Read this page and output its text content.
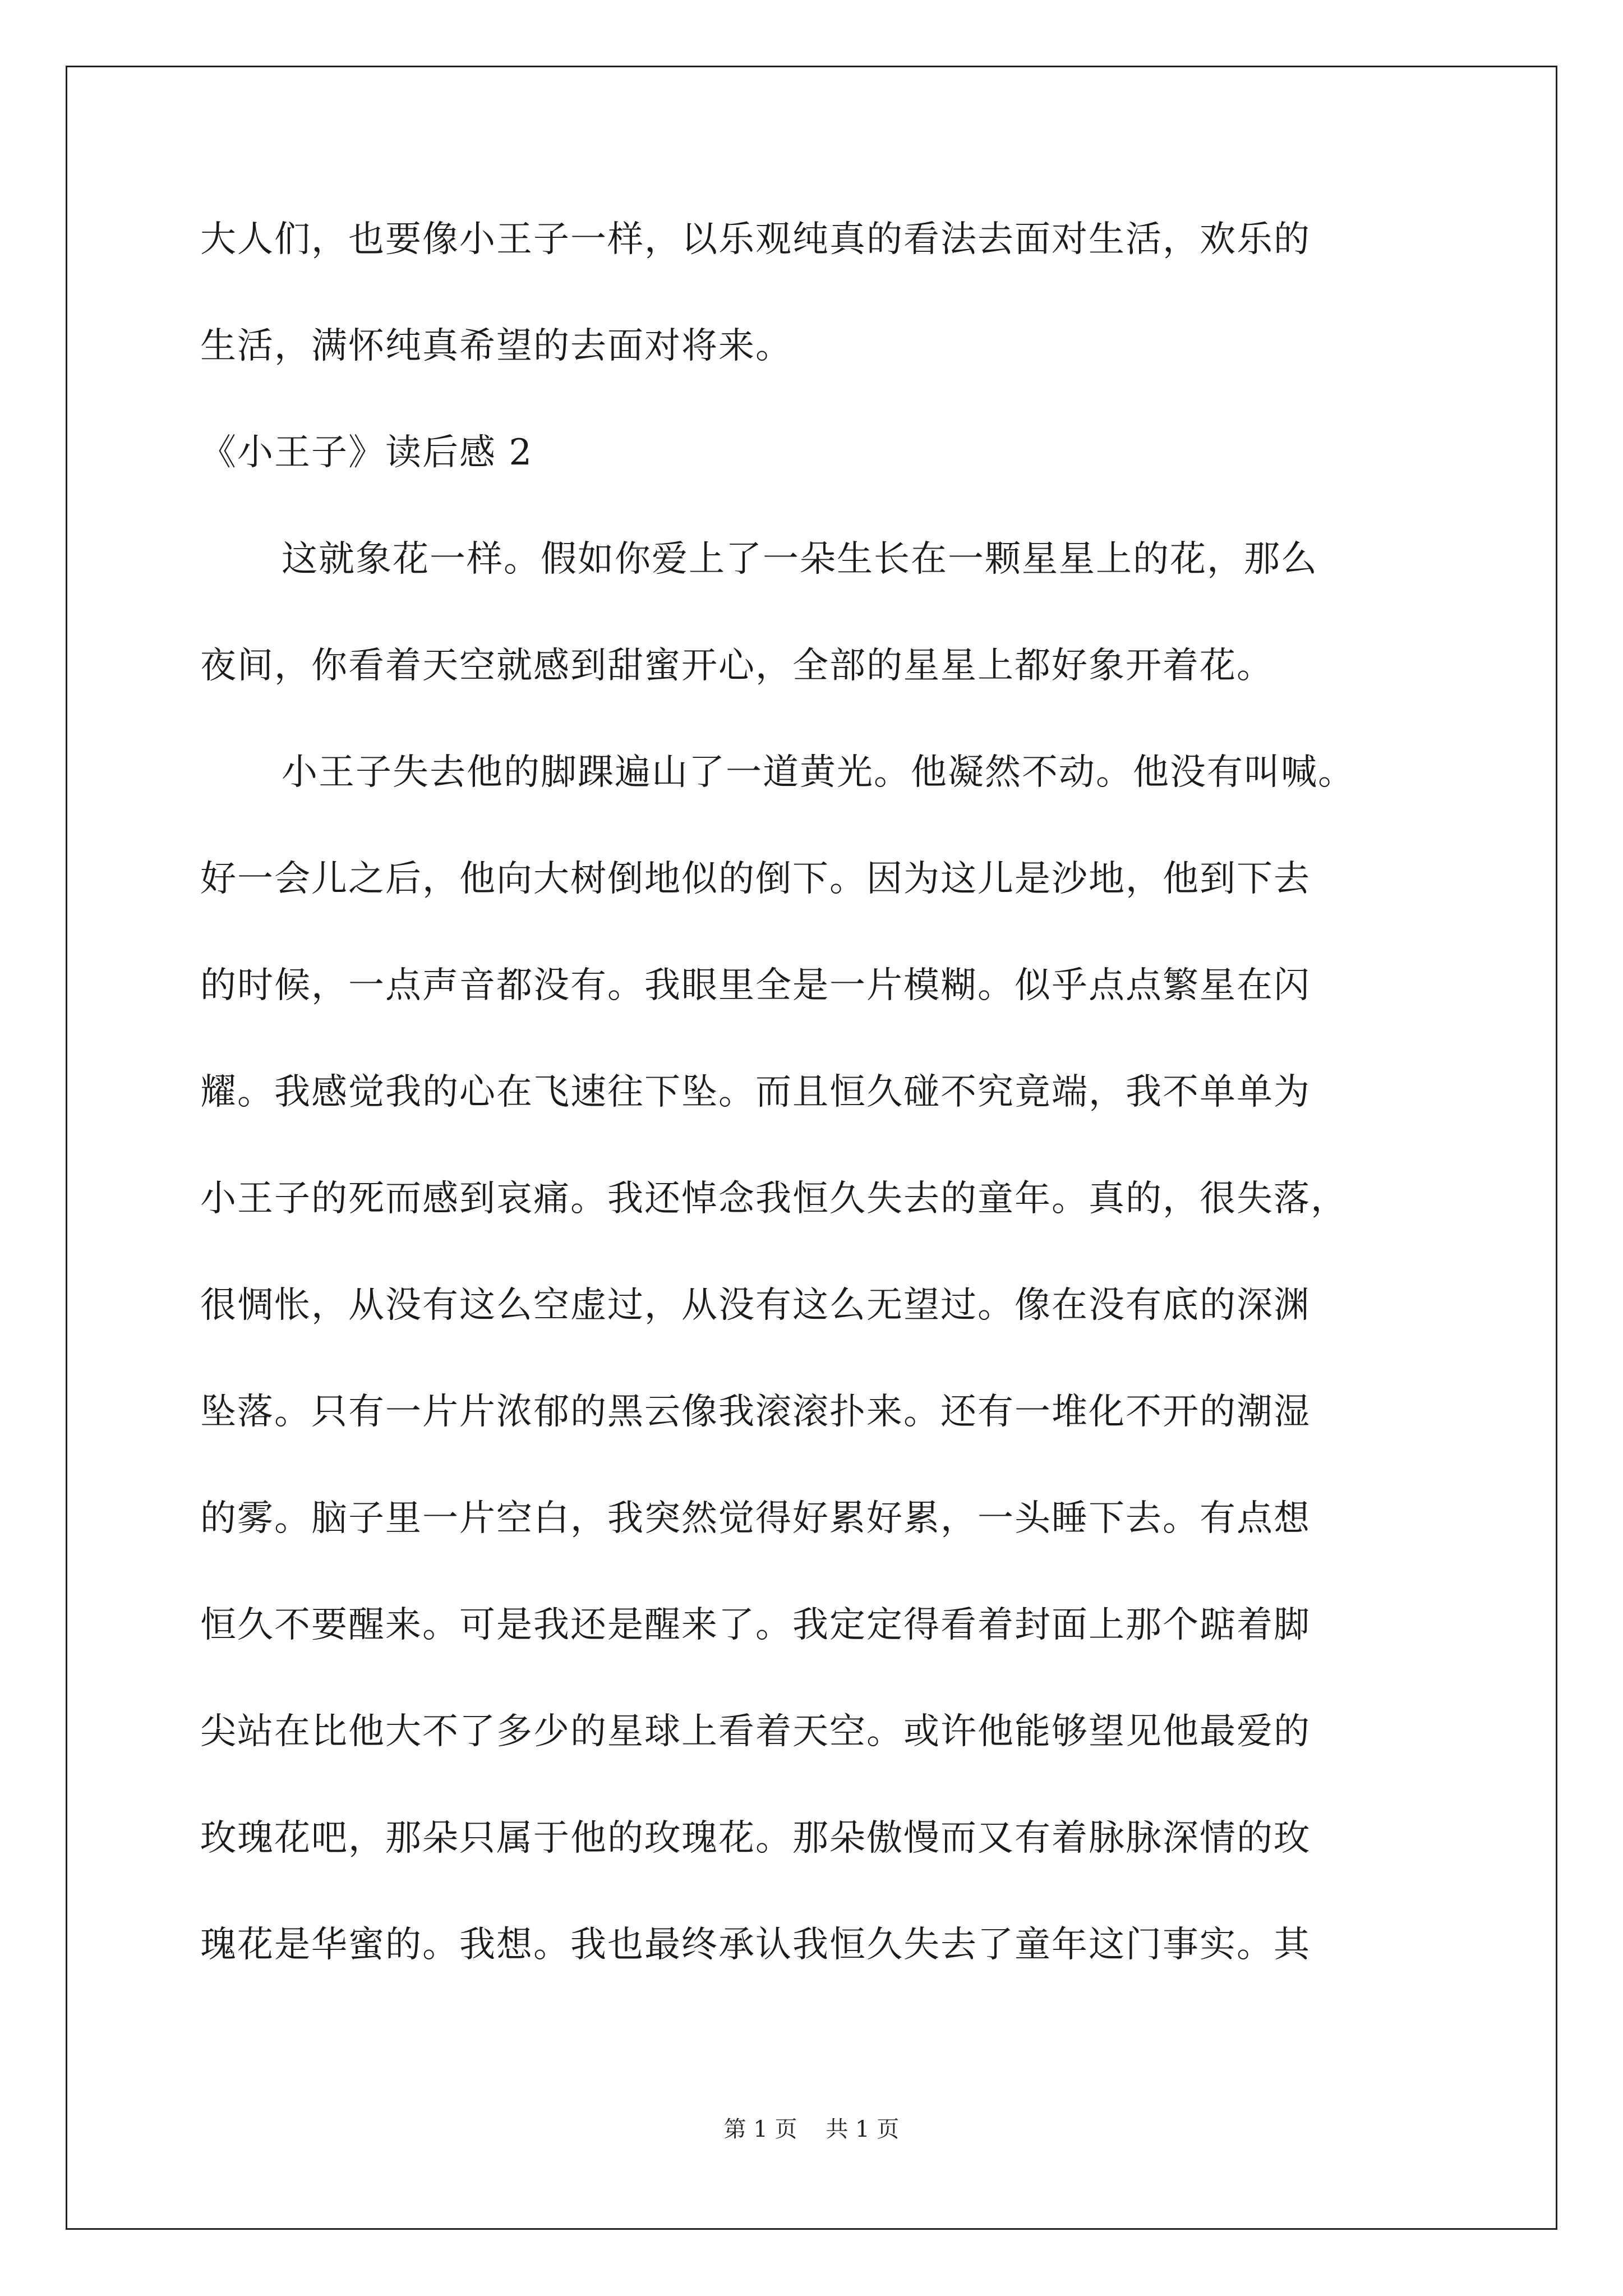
大人们，也要像小王子一样，以乐观纯真的看法去面对生活，欢乐的
生活，满怀纯真希望的去面对将来。
《小王子》读后感 2
这就象花一样。假如你爱上了一朵生长在一颗星星上的花，那么
夜间，你看着天空就感到甜蜜开心，全部的星星上都好象开着花。
小王子失去他的脚踝遍山了一道黄光。他凝然不动。他没有叫喊。
好一会儿之后，他向大树倒地似的倒下。因为这儿是沙地，他到下去
的时候，一点声音都没有。我眼里全是一片模糊。似乎点点繁星在闪
耀。我感觉我的心在飞速往下坠。而且恒久碰不究竟端，我不单单为
小王子的死而感到哀痛。我还悼念我恒久失去的童年。真的，很失落，
很惆怅，从没有这么空虚过，从没有这么无望过。像在没有底的深渊
坠落。只有一片片浓郁的黑云像我滚滚扑来。还有一堆化不开的潮湿
的雾。脑子里一片空白，我突然觉得好累好累，一头睡下去。有点想
恒久不要醒来。可是我还是醒来了。我定定得看着封面上那个踮着脚
尖站在比他大不了多少的星球上看着天空。或许他能够望见他最爱的
玫瑰花吧，那朵只属于他的玫瑰花。那朵傲慢而又有着脉脉深情的玫
瑰花是华蜜的。我想。我也最终承认我恒久失去了童年这门事实。其
第 1 页 共 1 页
